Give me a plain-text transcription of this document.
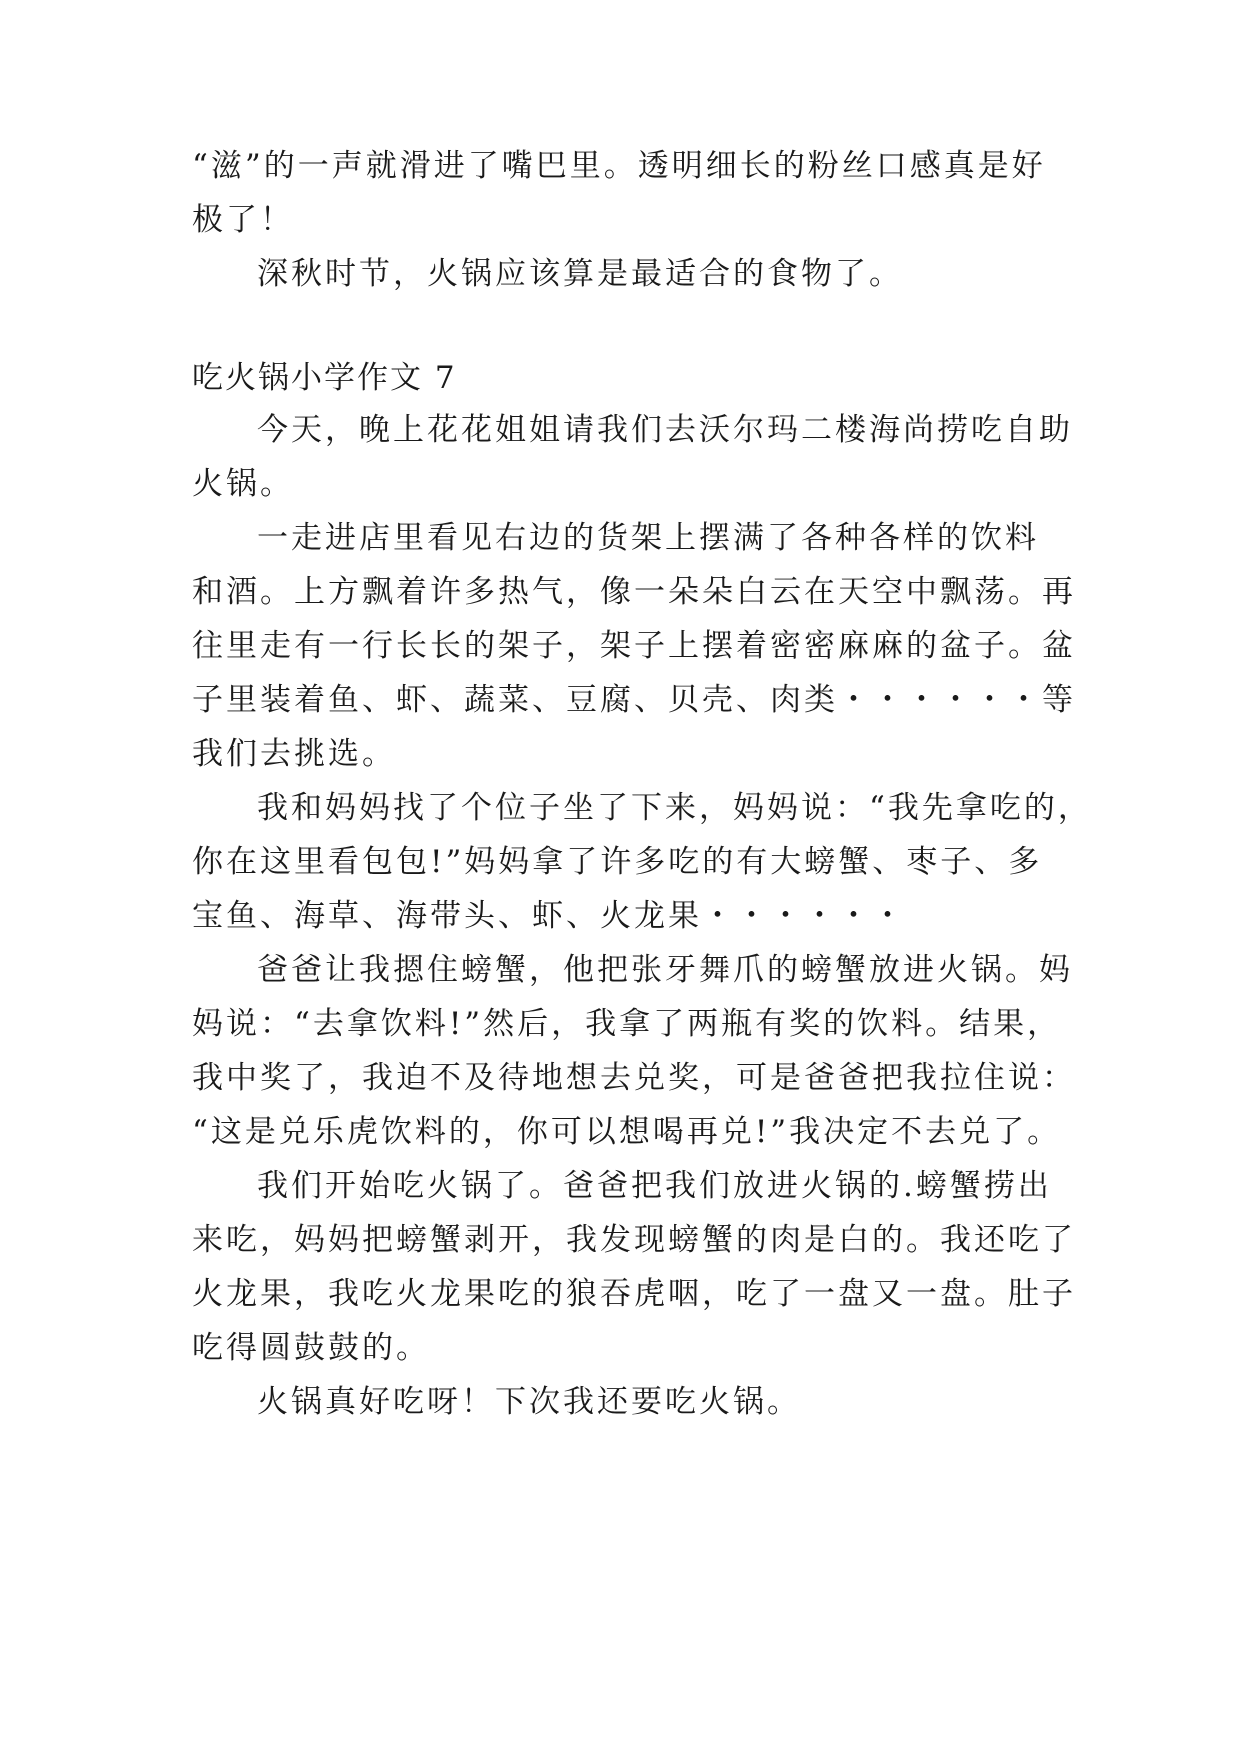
“滋”的一声就滑进了嘴巴里。透明细长的粉丝口感真是好

极了！

深秋时节，火锅应该算是最适合的食物了。

吃火锅小学作文 7

今天，晚上花花姐姐请我们去沃尔玛二楼海尚捞吃自助

火锅。

一走进店里看见右边的货架上摆满了各种各样的饮料

和酒。上方飘着许多热气，像一朵朵白云在天空中飘荡。再

往里走有一行长长的架子，架子上摆着密密麻麻的盆子。盆

子里装着鱼、虾、蔬菜、豆腐、贝壳、肉类・・・・・・等

我们去挑选。

我和妈妈找了个位子坐了下来，妈妈说：“我先拿吃的，

你在这里看包包!”妈妈拿了许多吃的有大螃蟹、枣子、多

宝鱼、海草、海带头、虾、火龙果・・・・・・

爸爸让我摁住螃蟹，他把张牙舞爪的螃蟹放进火锅。妈

妈说：“去拿饮料!”然后，我拿了两瓶有奖的饮料。结果，

我中奖了，我迫不及待地想去兑奖，可是爸爸把我拉住说：

“这是兑乐虎饮料的，你可以想喝再兑!”我决定不去兑了。

我们开始吃火锅了。爸爸把我们放进火锅的.螃蟹捞出

来吃，妈妈把螃蟹剥开，我发现螃蟹的肉是白的。我还吃了

火龙果，我吃火龙果吃的狼吞虎咽，吃了一盘又一盘。肚子

吃得圆鼓鼓的。

火锅真好吃呀！下次我还要吃火锅。
